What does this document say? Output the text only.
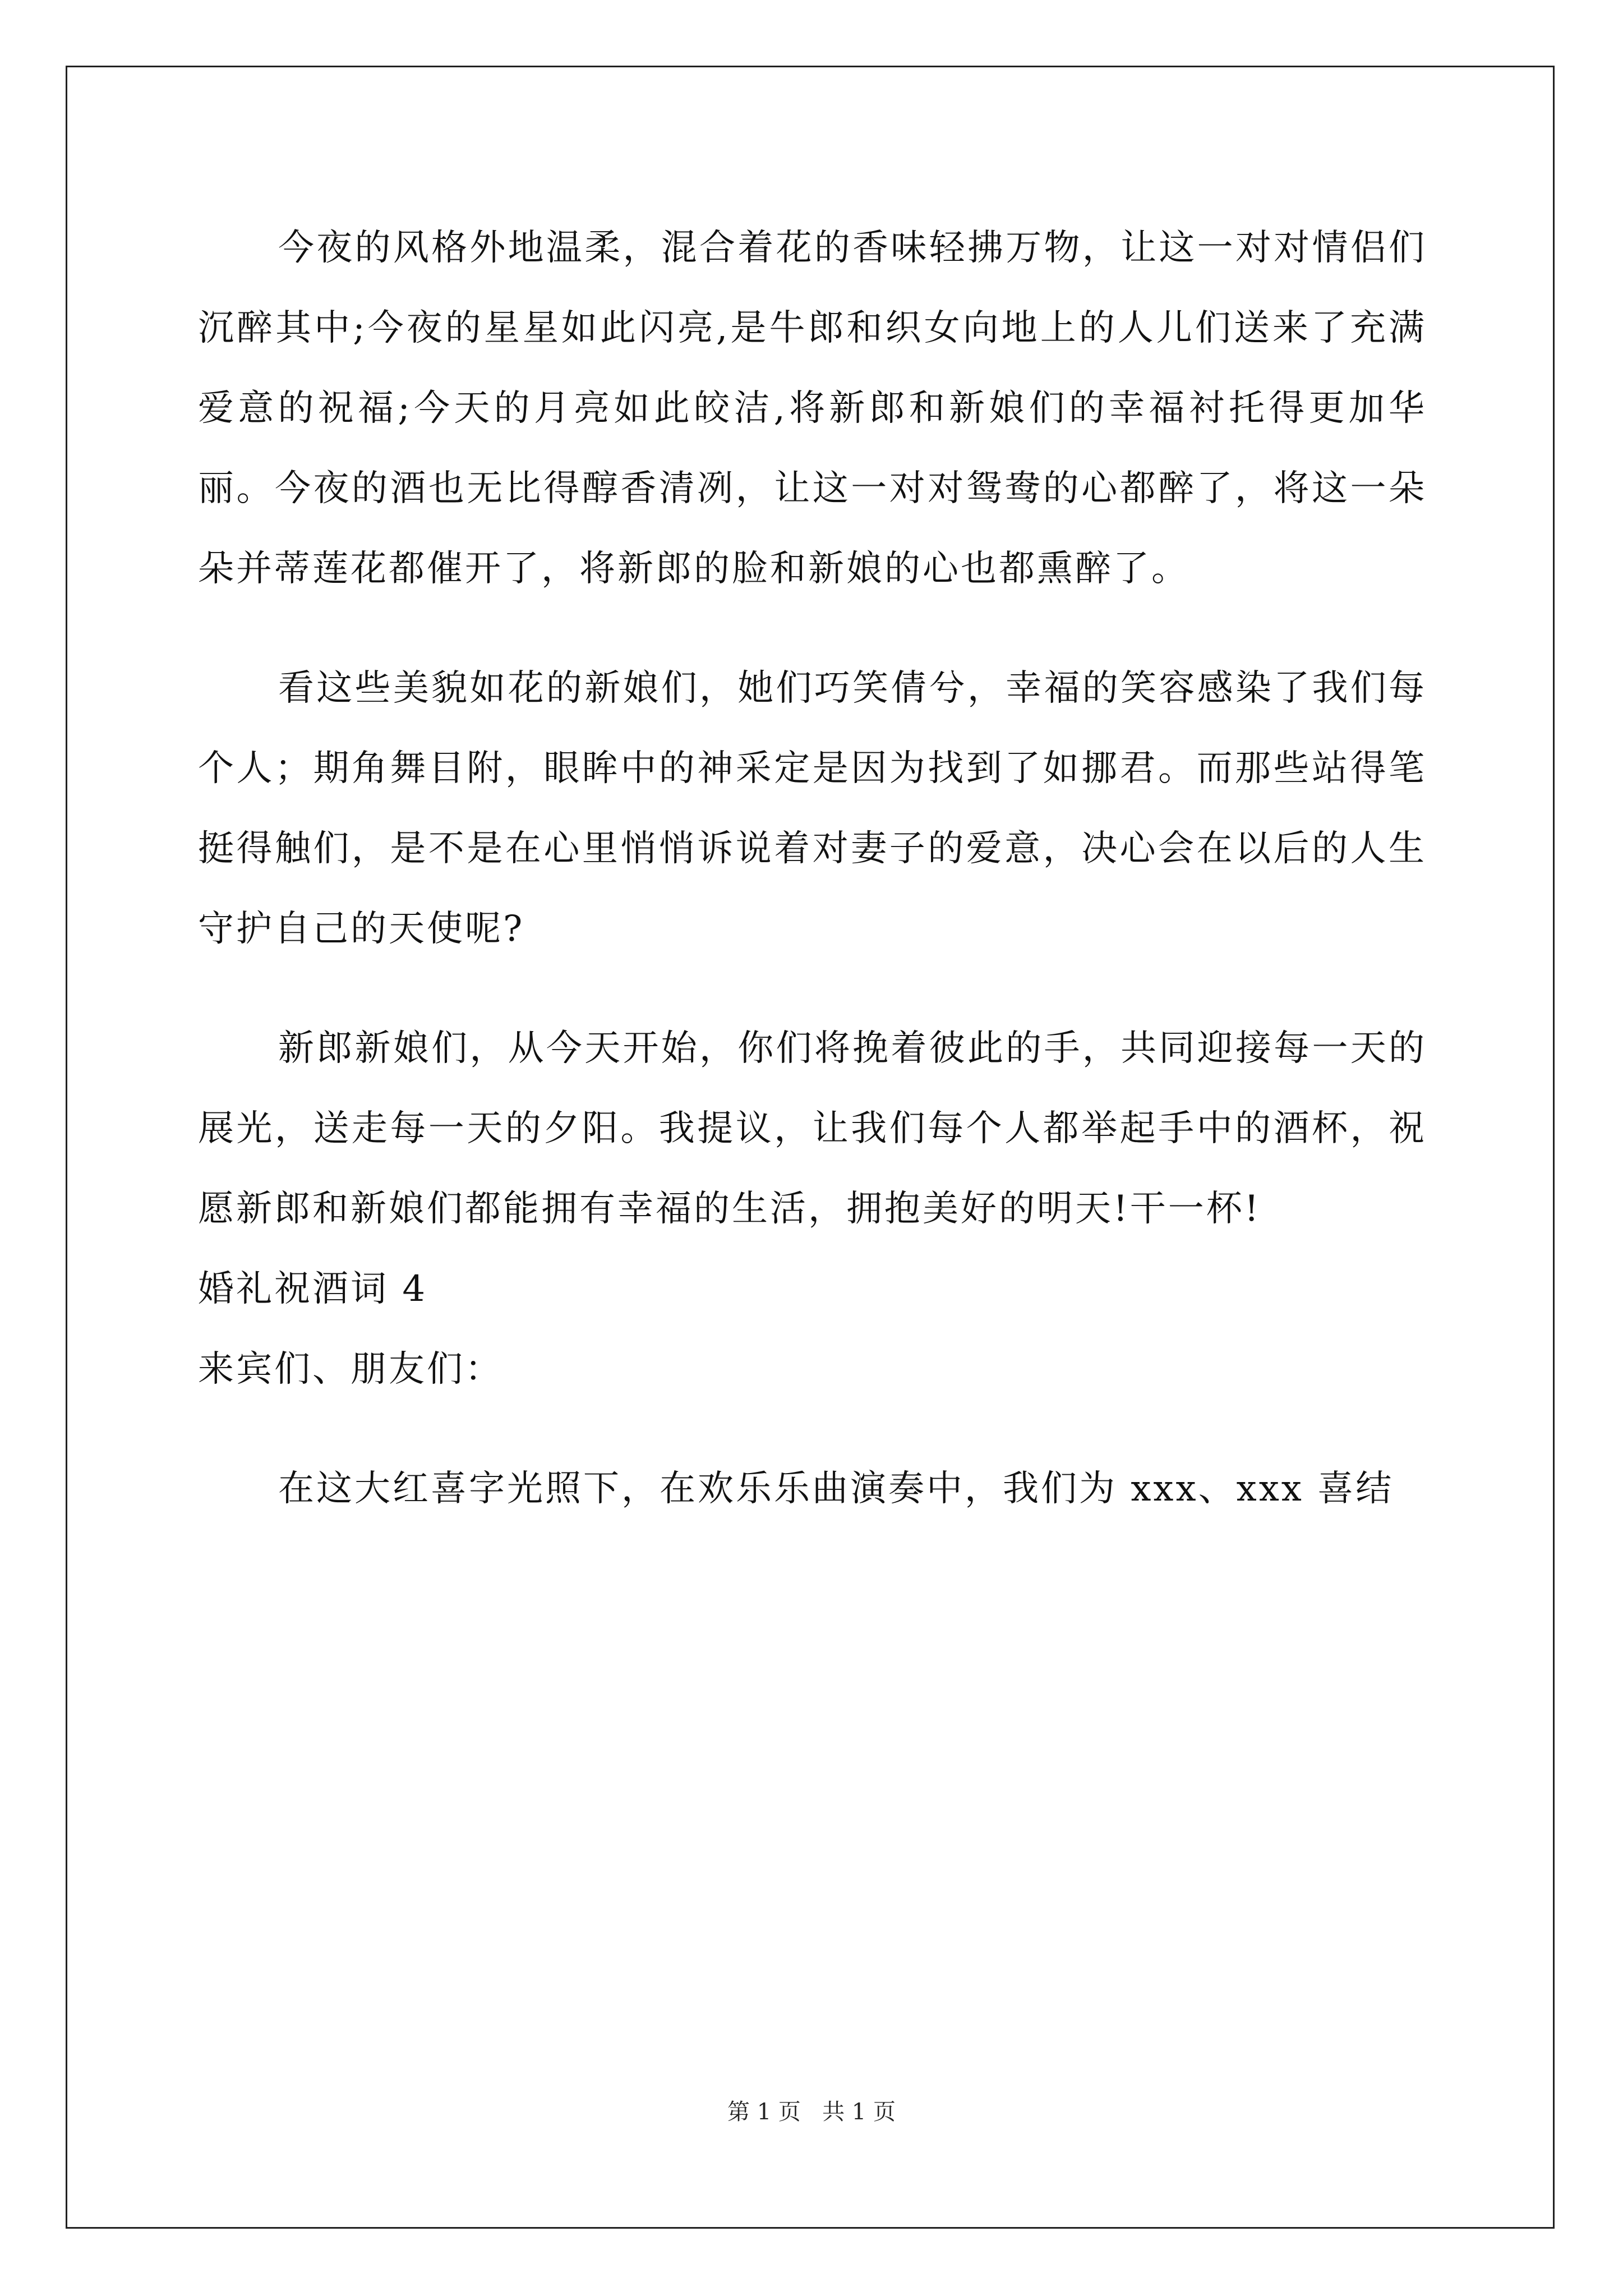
今夜的风格外地温柔，混合着花的香味轻拂万物，让这一对对情侣们沉醉其中;今夜的星星如此闪亮,是牛郎和织女向地上的人儿们送来了充满爱意的祝福;今天的月亮如此皎洁,将新郎和新娘们的幸福衬托得更加华丽。今夜的酒也无比得醇香清冽，让这一对对鸳鸯的心都醉了，将这一朵朵并蒂莲花都催开了，将新郎的脸和新娘的心也都熏醉了。

看这些美貌如花的新娘们，她们巧笑倩兮，幸福的笑容感染了我们每个人；期角舞目附，眼眸中的神采定是因为找到了如挪君。而那些站得笔挺得触们，是不是在心里悄悄诉说着对妻子的爱意，决心会在以后的人生守护自己的天使呢?

新郎新娘们，从今天开始，你们将挽着彼此的手，共同迎接每一天的展光，送走每一天的夕阳。我提议，让我们每个人都举起手中的酒杯，祝愿新郎和新娘们都能拥有幸福的生活，拥抱美好的明天!干一杯!

婚礼祝酒词 4

来宾们、朋友们：

在这大红喜字光照下，在欢乐乐曲演奏中，我们为 xxx、xxx 喜结

第 1 页   共 1 页
